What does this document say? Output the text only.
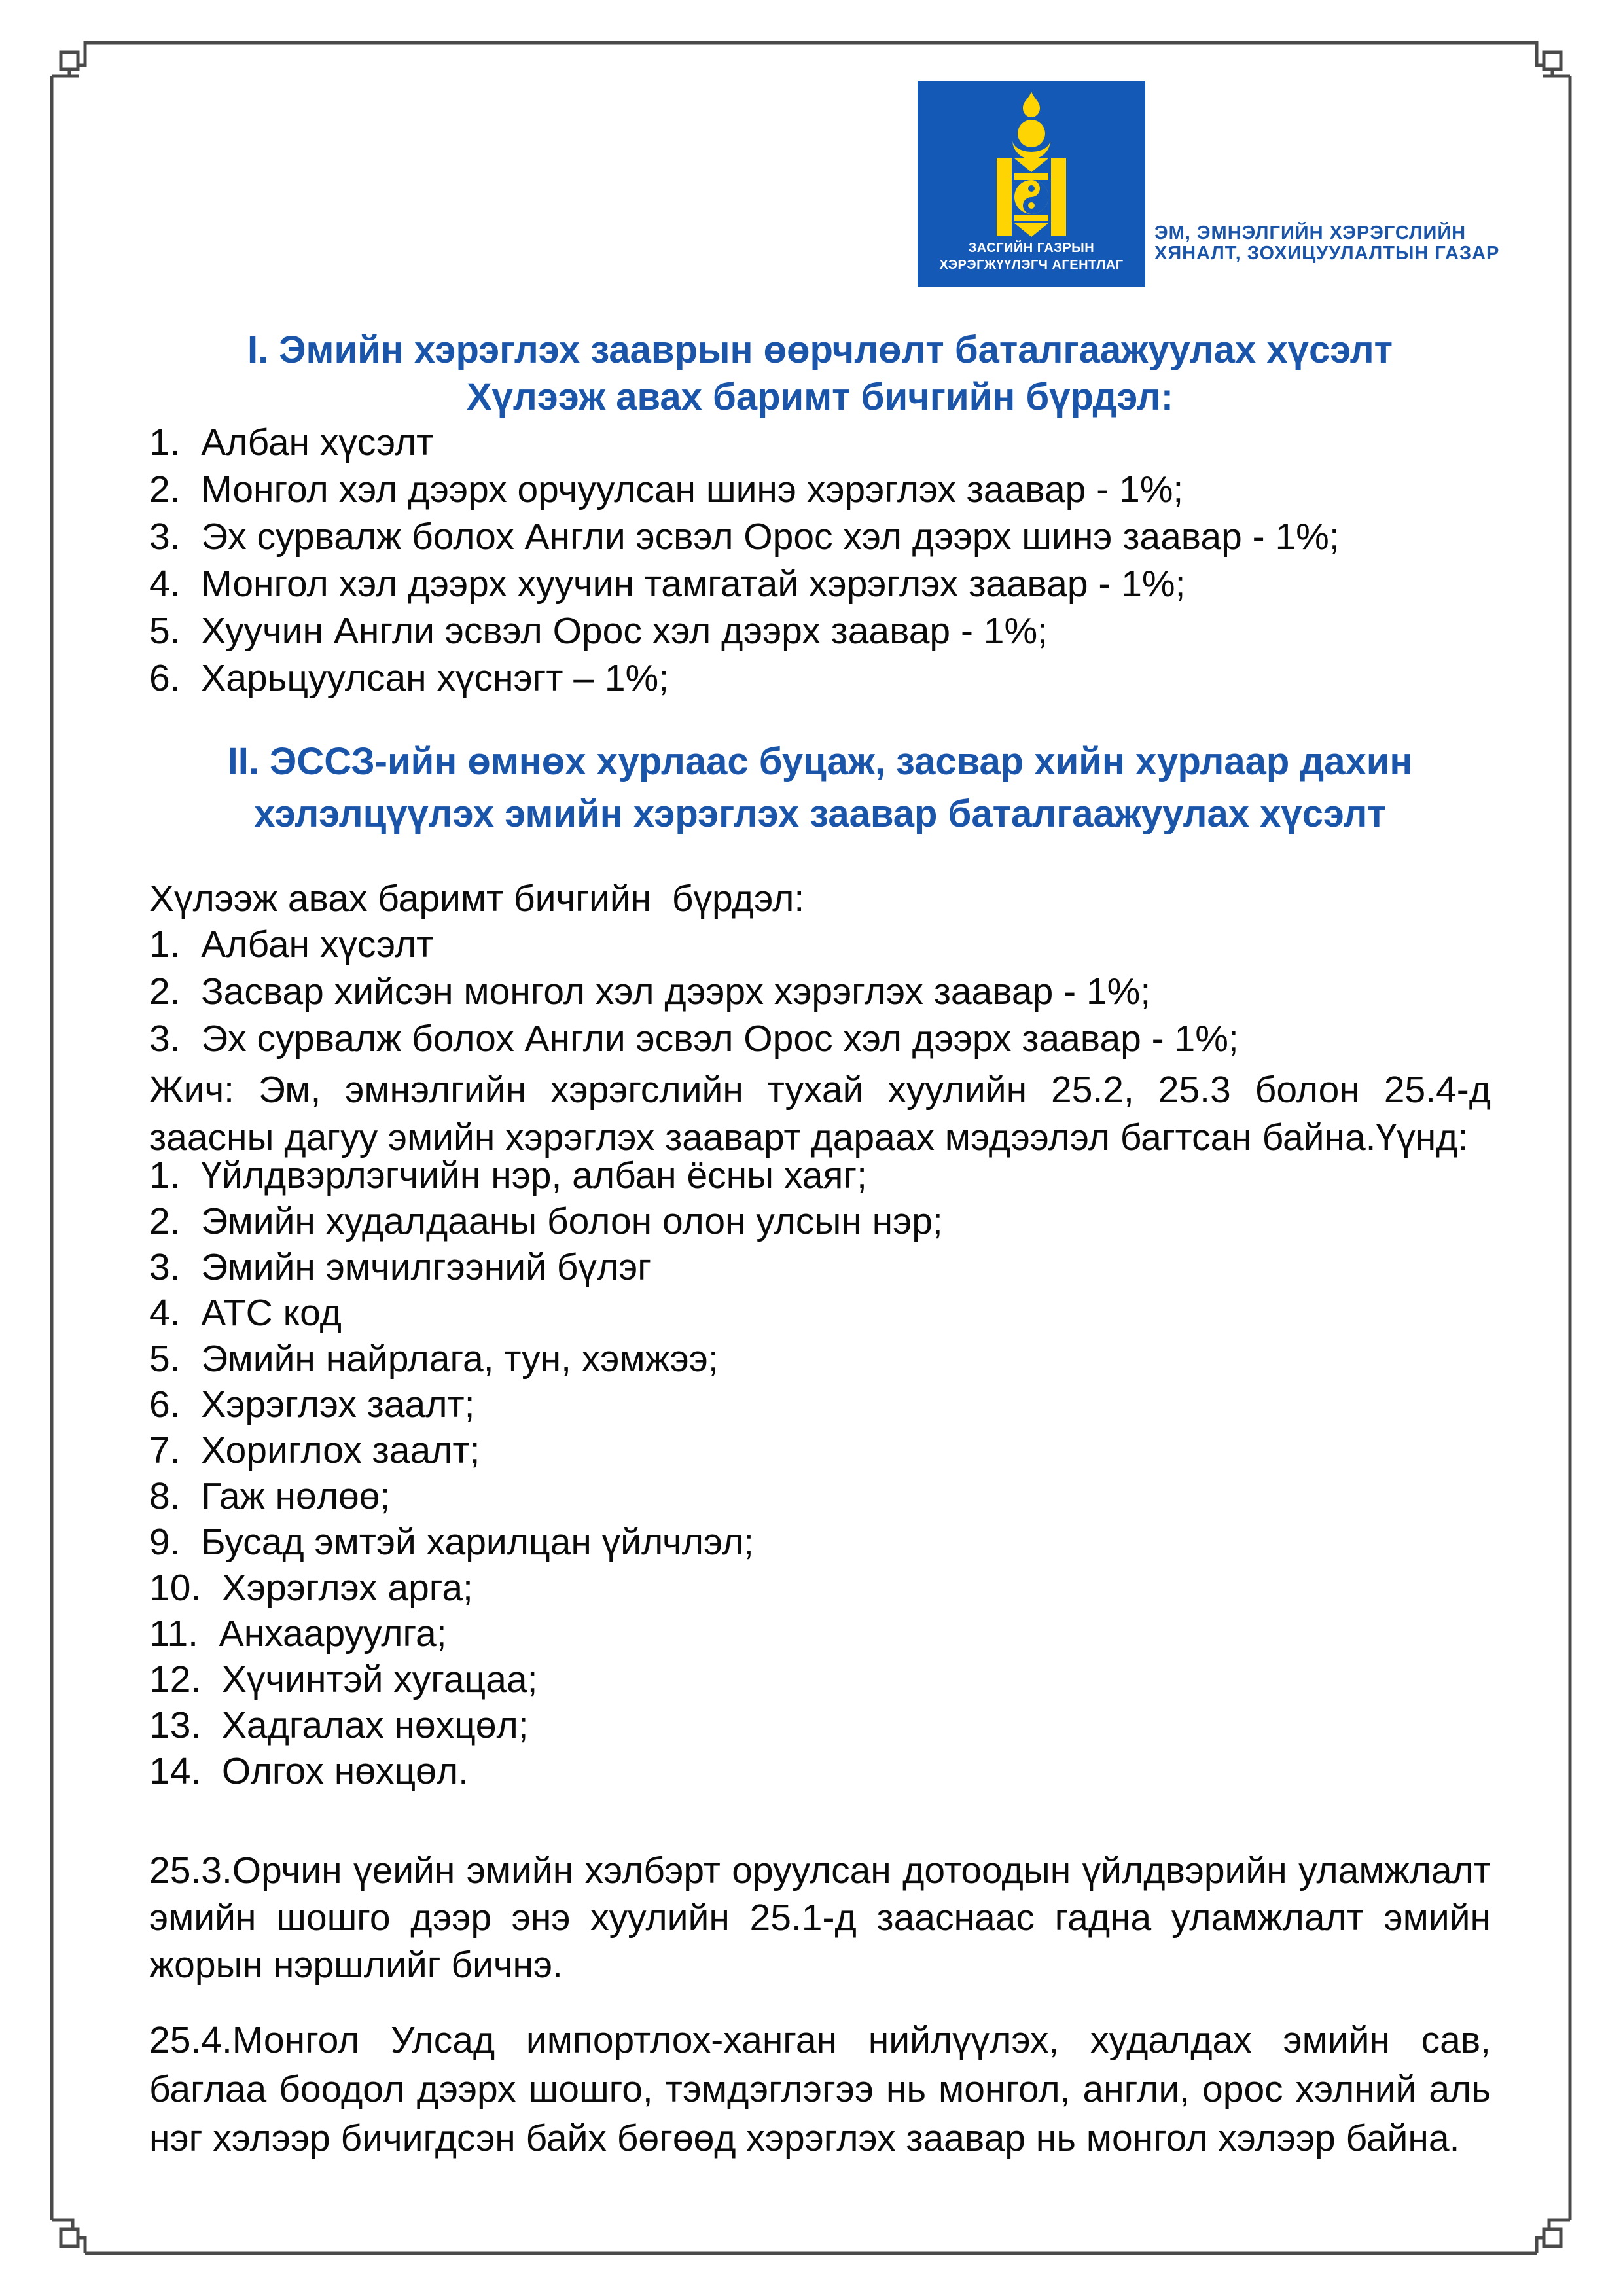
ЗАСГИЙН ГАЗРЫН
ХЭРЭГЖҮҮЛЭГЧ АГЕНТЛАГ
ЭМ, ЭМНЭЛГИЙН ХЭРЭГСЛИЙН
ХЯНАЛТ, ЗОХИЦУУЛАЛТЫН ГАЗАР
I. Эмийн хэрэглэх зааврын өөрчлөлт баталгаажуулах хүсэлт
Хүлээж авах баримт бичгийн бүрдэл:
1.  Албан хүсэлт
2.  Монгол хэл дээрх орчуулсан шинэ хэрэглэх заавар - 1%;
3.  Эх сурвалж болох Англи эсвэл Орос хэл дээрх шинэ заавар - 1%;
4.  Монгол хэл дээрх хуучин тамгатай хэрэглэх заавар - 1%;
5.  Хуучин Англи эсвэл Орос хэл дээрх заавар - 1%;
6.  Харьцуулсан хүснэгт – 1%;
II. ЭССЗ-ийн өмнөх хурлаас буцаж, засвар хийн хурлаар дахин
хэлэлцүүлэх эмийн хэрэглэх заавар баталгаажуулах хүсэлт
Хүлээж авах баримт бичгийн  бүрдэл:
1.  Албан хүсэлт
2.  Засвар хийсэн монгол хэл дээрх хэрэглэх заавар - 1%;
3.  Эх сурвалж болох Англи эсвэл Орос хэл дээрх заавар - 1%;
Жич: Эм, эмнэлгийн хэрэгслийн тухай хуулийн 25.2, 25.3 болон 25.4-д заасны дагуу эмийн хэрэглэх зааварт дараах мэдээлэл багтсан байна.Үүнд:
1.  Үйлдвэрлэгчийн нэр, албан ёсны хаяг;
2.  Эмийн худалдааны болон олон улсын нэр;
3.  Эмийн эмчилгээний бүлэг
4.  АТС код
5.  Эмийн найрлага, тун, хэмжээ;
6.  Хэрэглэх заалт;
7.  Хориглох заалт;
8.  Гаж нөлөө;
9.  Бусад эмтэй харилцан үйлчлэл;
10.  Хэрэглэх арга;
11.  Анхааруулга;
12.  Хүчинтэй хугацаа;
13.  Хадгалах нөхцөл;
14.  Олгох нөхцөл.
25.3.Орчин үеийн эмийн хэлбэрт оруулсан дотоодын үйлдвэрийн уламжлалт эмийн шошго дээр энэ хуулийн 25.1-д зааснаас гадна уламжлалт эмийн жорын нэршлийг бичнэ.
25.4.Монгол Улсад импортлох-ханган нийлүүлэх, худалдах эмийн сав, баглаа боодол дээрх шошго, тэмдэглэгээ нь монгол, англи, орос хэлний аль нэг хэлээр бичигдсэн байх бөгөөд хэрэглэх заавар нь монгол хэлээр байна.
